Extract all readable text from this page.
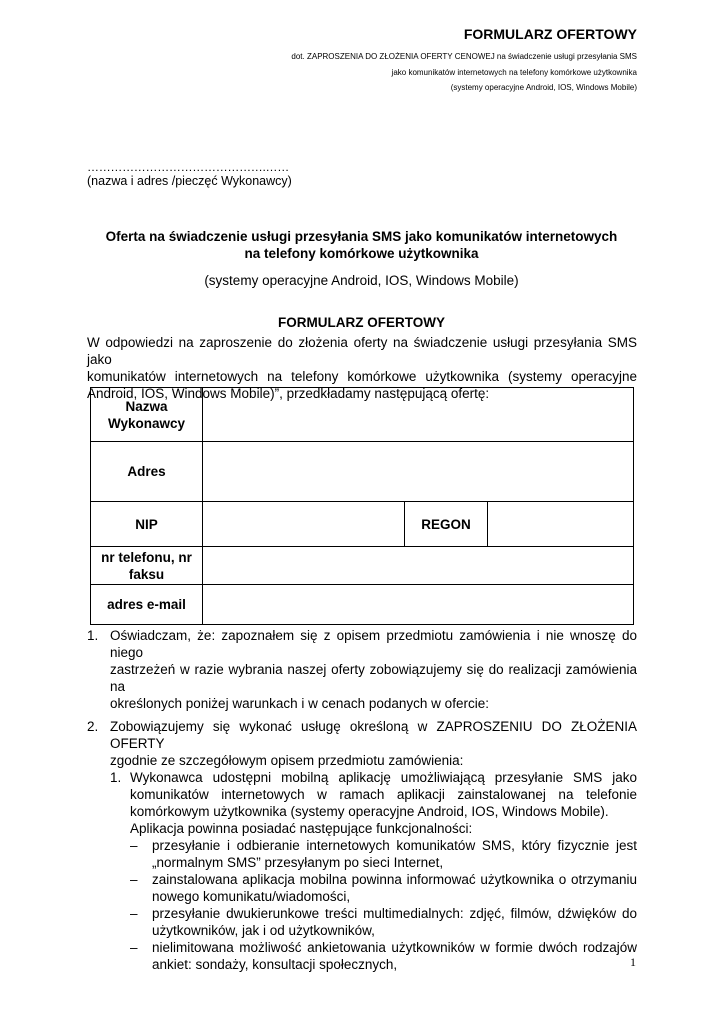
FORMULARZ OFERTOWY
dot. ZAPROSZENIA DO ZŁOŻENIA OFERTY CENOWEJ na świadczenie usługi przesyłania SMS
jako komunikatów internetowych na telefony komórkowe użytkownika
(systemy operacyjne Android, IOS, Windows Mobile)
……………………………………….……
(nazwa i adres /pieczęć Wykonawcy)
Oferta na świadczenie usługi przesyłania SMS jako komunikatów internetowych
na telefony komórkowe użytkownika
(systemy operacyjne Android, IOS, Windows Mobile)
FORMULARZ OFERTOWY
W odpowiedzi na zaproszenie do złożenia oferty na świadczenie usługi przesyłania SMS jako
komunikatów internetowych na telefony komórkowe użytkownika (systemy operacyjne
Android, IOS, Windows Mobile)”, przedkładamy następującą ofertę:
Nazwa
Wykonawcy			

Adres			
NIP		REGON	

nr telefonu, nr
faksu			

adres e-mail			
1. Oświadczam, że: zapoznałem się z opisem przedmiotu zamówienia i nie wnoszę do niego
zastrzeżeń w razie wybrania naszej oferty zobowiązujemy się do realizacji zamówienia na
określonych poniżej warunkach i w cenach podanych w ofercie:
2. Zobowiązujemy się wykonać usługę określoną w ZAPROSZENIU DO ZŁOŻENIA OFERTY
zgodnie ze szczegółowym opisem przedmiotu zamówienia:
1. Wykonawca udostępni mobilną aplikację umożliwiającą przesyłanie SMS jako
komunikatów internetowych w ramach aplikacji zainstalowanej na telefonie
komórkowym użytkownika (systemy operacyjne Android, IOS, Windows Mobile).
Aplikacja powinna posiadać następujące funkcjonalności:
– przesyłanie i odbieranie internetowych komunikatów SMS, który fizycznie jest
„normalnym SMS” przesyłanym po sieci Internet,
– zainstalowana aplikacja mobilna powinna informować użytkownika o otrzymaniu
nowego komunikatu/wiadomości,
– przesyłanie dwukierunkowe treści multimedialnych: zdjęć, filmów, dźwięków do
użytkowników, jak i od użytkowników,
– nielimitowana możliwość ankietowania użytkowników w formie dwóch rodzajów
ankiet: sondaży, konsultacji społecznych,	1
